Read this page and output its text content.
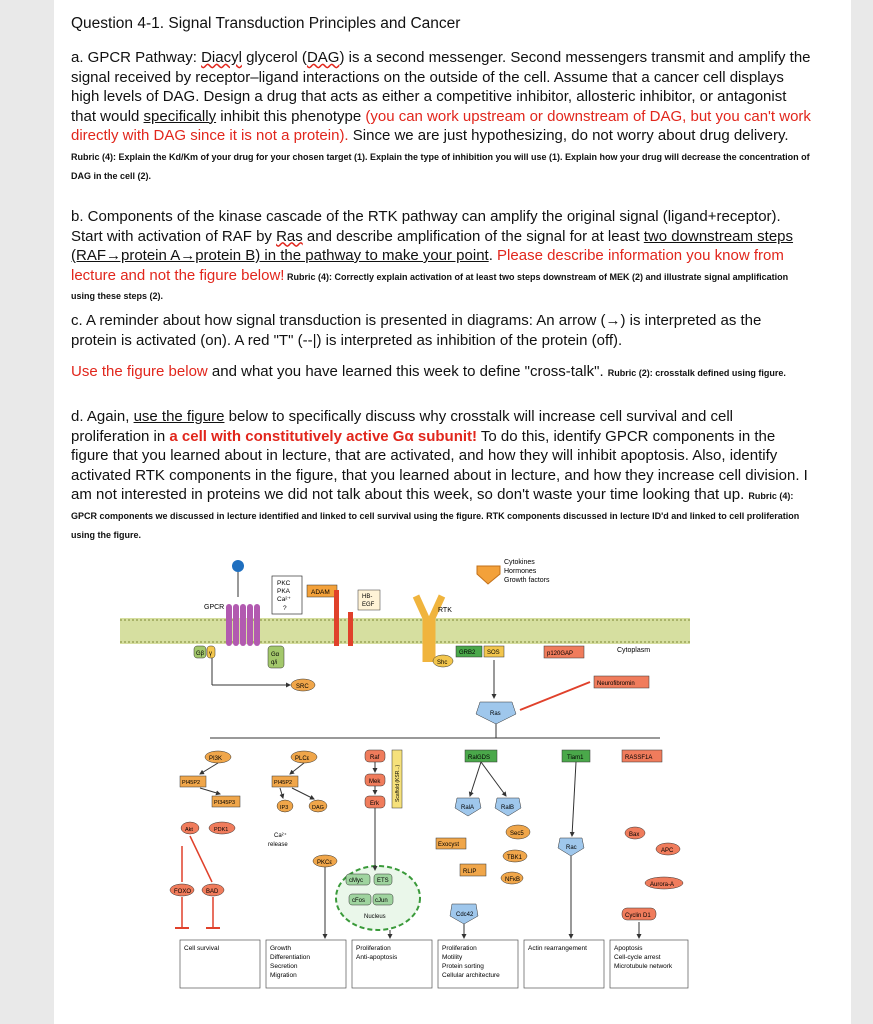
Question 4-1. Signal Transduction Principles and Cancer
a. GPCR Pathway: Diacyl glycerol (DAG) is a second messenger. Second messengers transmit and amplify the signal received by receptor–ligand interactions on the outside of the cell. Assume that a cancer cell displays high levels of DAG. Design a drug that acts as either a competitive inhibitor, allosteric inhibitor, or antagonist that would specifically inhibit this phenotype (you can work upstream or downstream of DAG, but you can't work directly with DAG since it is not a protein). Since we are just hypothesizing, do not worry about drug delivery. Rubric (4): Explain the Kd/Km of your drug for your chosen target (1). Explain the type of inhibition you will use (1). Explain how your drug will decrease the concentration of DAG in the cell (2).
b. Components of the kinase cascade of the RTK pathway can amplify the original signal (ligand+receptor). Start with activation of RAF by Ras and describe amplification of the signal for at least two downstream steps (RAF→protein A→protein B) in the pathway to make your point. Please describe information you know from lecture and not the figure below! Rubric (4): Correctly explain activation of at least two steps downstream of MEK (2) and illustrate signal amplification using these steps (2).
c. A reminder about how signal transduction is presented in diagrams: An arrow (→) is interpreted as the protein is activated (on). A red "T" (--|) is interpreted as inhibition of the protein (off).
Use the figure below and what you have learned this week to define "cross-talk". Rubric (2): crosstalk defined using figure.
d. Again, use the figure below to specifically discuss why crosstalk will increase cell survival and cell proliferation in a cell with constitutively active Gα subunit! To do this, identify GPCR components in the figure that you learned about in lecture, that are activated, and how they will inhibit apoptosis. Also, identify activated RTK components in the figure, that you learned about in lecture, and how they increase cell division. I am not interested in proteins we did not talk about this week, so don't waste your time looking that up. Rubric (4): GPCR components we discussed in lecture identified and linked to cell survival using the figure. RTK components discussed in lecture ID'd and linked to cell proliferation using the figure.
Cytokines
Hormones
Growth factors
GPCR
PKC
PKA
Ca²⁺
?
ADAM
HB-
EGF
RTK
Cytoplasm
Gβ γ	Gα
q/i
GRB2 SOS
Shc
p120GAP
SRC	Neurofibromin
Ras
PI3K	PLCε	Raf
Scaffold (KSR...)
Mek
Erk
RalGDS	Tiam1	RASSF1A
PI45P2	PI45P2
PI345P3
IP3	DAG	RalA	RalB
Akt	PDK1
Ca²⁺
release
Sec5
Exocyst
Bax
Rac	APC
PKCε
TBK1
RLIP
NFκB
Aurora-A
cMyc ETS
cFos cJun
Nucleus
FOXO BAD
Cdc42	Cyclin D1
Cell survival	Growth
Differentiation
Secretion
Migration
Proliferation
Anti-apoptosis
Proliferation
Motility
Protein sorting
Cellular architecture
Actin rearrangement	Apoptosis
Cell-cycle arrest
Microtubule network
